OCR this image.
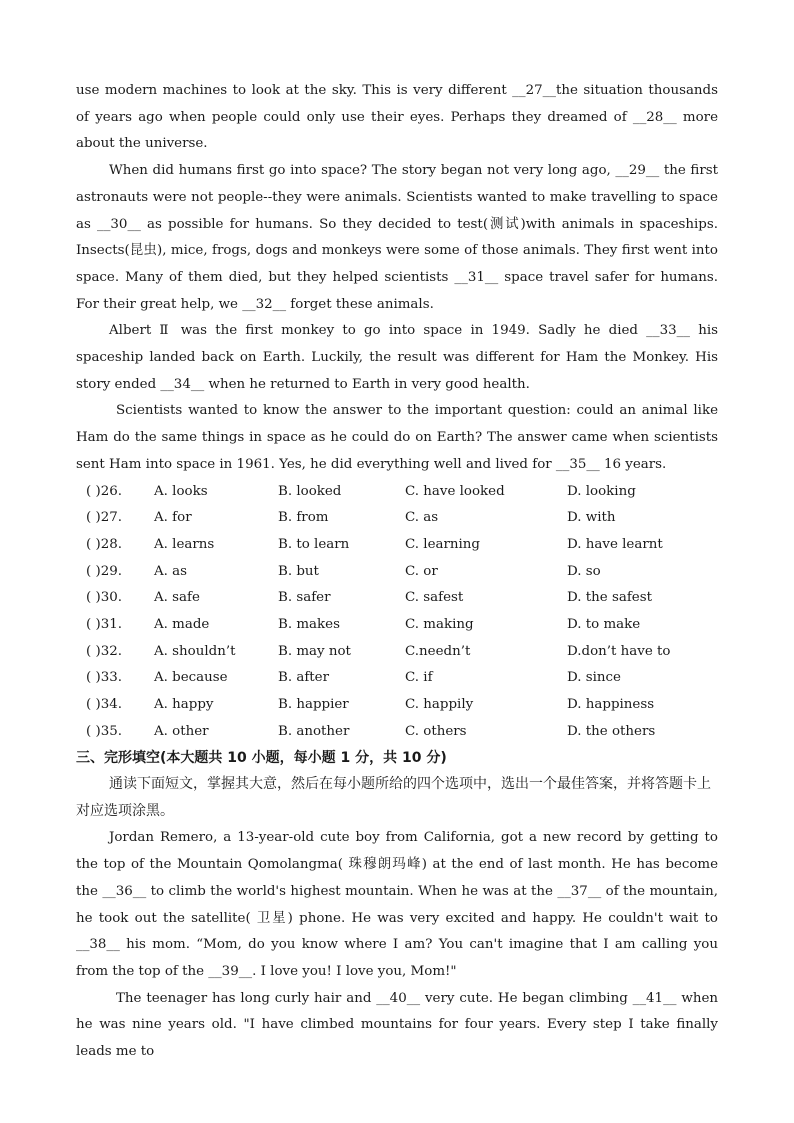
use modern machines to look at the sky. This is very different __27__the situation thousands of years ago when people could only use their eyes. Perhaps they dreamed of __28__ more about the universe.

When did humans first go into space? The story began not very long ago, __29__ the first astronauts were not people--they were animals. Scientists wanted to make travelling to space as __30__ as possible for humans. So they decided to test(测试)with animals in spaceships. Insects(昆虫), mice, frogs, dogs and monkeys were some of those animals. They first went into space. Many of them died, but they helped scientists __31__ space travel safer for humans. For their great help, we __32__ forget these animals.

Albert Ⅱ was the first monkey to go into space in 1949. Sadly he died __33__ his spaceship landed back on Earth. Luckily, the result was different for Ham the Monkey. His story ended __34__ when he returned to Earth in very good health.

Scientists wanted to know the answer to the important question: could an animal like Ham do the same things in space as he could do on Earth? The answer came when scientists sent Ham into space in 1961. Yes, he did everything well and lived for __35__ 16 years.

( )26.	A. looks	B. looked	C. have looked	D. looking
( )27.	A. for	B. from	C. as	D. with
( )28.	A. learns	B. to learn	C. learning	D. have learnt
( )29.	A. as	B. but	C. or	D. so
( )30.	A. safe	B. safer	C. safest	D. the safest
( )31.	A. made	B. makes	C. making	D. to make
( )32.	A. shouldn’t	B. may not	C.needn’t	D.don’t have to
( )33.	A. because	B. after	C. if	D. since
( )34.	A. happy	B. happier	C. happily	D. happiness
( )35.	A. other	B. another	C. others	D. the others

三、完形填空(本大题共 10 小题，每小题 1 分，共 10 分)

通读下面短文，掌握其大意，然后在每小题所给的四个选项中，选出一个最佳答案，并将答题卡上对应选项涂黑。

Jordan Remero, a 13-year-old cute boy from California, got a new record by getting to the top of the Mountain Qomolangma( 珠穆朗玛峰) at the end of last month. He has become the __36__ to climb the world's highest mountain. When he was at the __37__ of the mountain, he took out the satellite( 卫星) phone. He was very excited and happy. He couldn't wait to __38__ his mom. “Mom, do you know where I am? You can't imagine that I am calling you from the top of the __39__. I love you! I love you, Mom!"

The teenager has long curly hair and __40__ very cute. He began climbing __41__ when he was nine years old. "I have climbed mountains for four years. Every step I take finally leads me to
